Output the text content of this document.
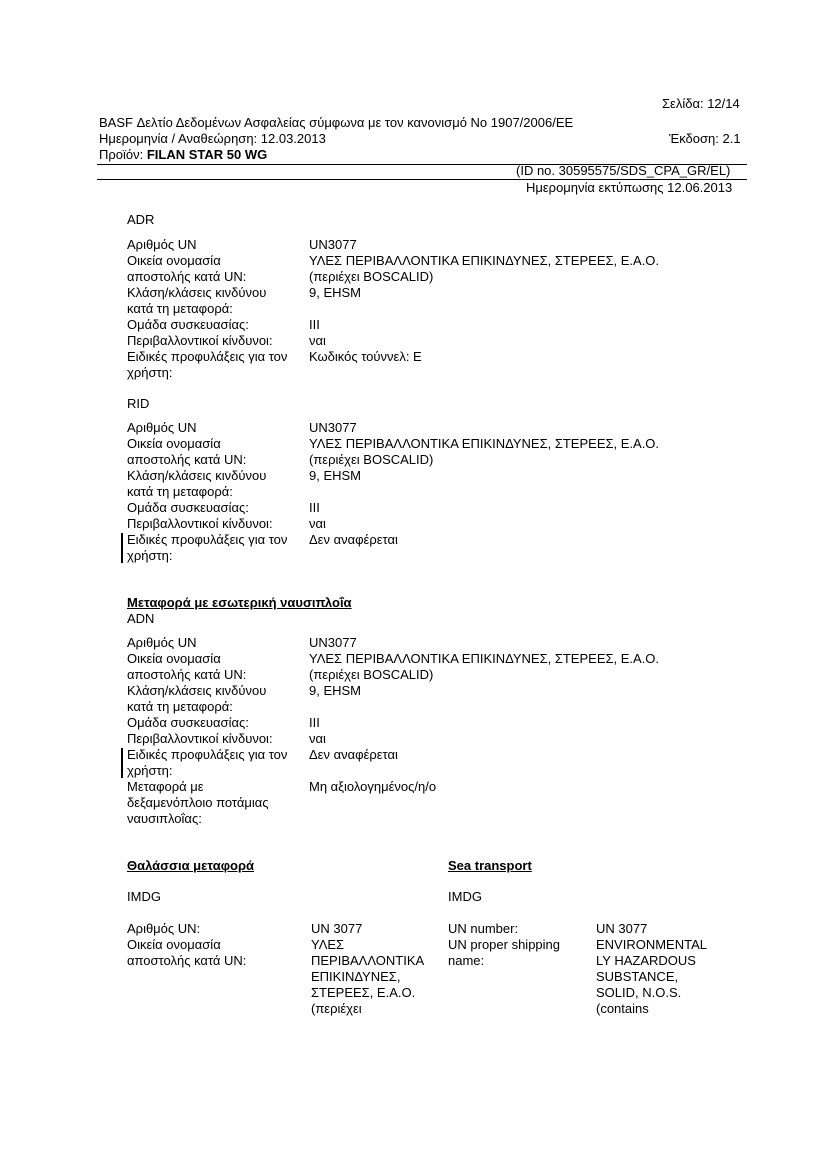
Σελίδα: 12/14
BASF Δελτίο Δεδομένων Ασφαλείας σύμφωνα με τον κανονισμό No 1907/2006/ΕΕ
Ημερομηνία / Αναθεώρηση: 12.03.2013	Έκδοση: 2.1
Προϊόν: FILAN STAR 50 WG
(ID no. 30595575/SDS_CPA_GR/EL)
Ημερομηνία εκτύπωσης 12.06.2013
ADR
Αριθμός UN	UN3077
Οικεία ονομασία αποστολής κατά UN:
ΥΛΕΣ ΠΕΡΙΒΑΛΛΟΝΤΙΚΑ ΕΠΙΚΙΝΔΥΝΕΣ, ΣΤΕΡΕΕΣ, Ε.Α.Ο.
(περιέχει BOSCALID)
Κλάση/κλάσεις κινδύνου κατά τη μεταφορά:
9, EHSM
Ομάδα συσκευασίας:	III
Περιβαλλοντικοί κίνδυνοι:	ναι
Ειδικές προφυλάξεις για τον χρήστη:
Κωδικός τούννελ: E
RID
Αριθμός UN	UN3077
Οικεία ονομασία αποστολής κατά UN:
ΥΛΕΣ ΠΕΡΙΒΑΛΛΟΝΤΙΚΑ ΕΠΙΚΙΝΔΥΝΕΣ, ΣΤΕΡΕΕΣ, Ε.Α.Ο.
(περιέχει BOSCALID)
Κλάση/κλάσεις κινδύνου κατά τη μεταφορά:
9, EHSM
Ομάδα συσκευασίας:	III
Περιβαλλοντικοί κίνδυνοι:	ναι
Ειδικές προφυλάξεις για τον χρήστη:
Δεν αναφέρεται
Μεταφορά με εσωτερική ναυσιπλοΐα
ADN
Αριθμός UN	UN3077
Οικεία ονομασία αποστολής κατά UN:
ΥΛΕΣ ΠΕΡΙΒΑΛΛΟΝΤΙΚΑ ΕΠΙΚΙΝΔΥΝΕΣ, ΣΤΕΡΕΕΣ, Ε.Α.Ο.
(περιέχει BOSCALID)
Κλάση/κλάσεις κινδύνου κατά τη μεταφορά:
9, EHSM
Ομάδα συσκευασίας:	III
Περιβαλλοντικοί κίνδυνοι:	ναι
Ειδικές προφυλάξεις για τον χρήστη:
Δεν αναφέρεται
Μεταφορά με δεξαμενόπλοιο ποτάμιας ναυσιπλοΐας:
Μη αξιολογημένος/η/ο
Θαλάσσια μεταφορά	Sea transport
IMDG	IMDG
Αριθμός UN:	UN 3077
Οικεία ονομασία αποστολής κατά UN:
ΥΛΕΣ ΠΕΡΙΒΑΛΛΟΝΤΙΚΑ ΕΠΙΚΙΝΔΥΝΕΣ, ΣΤΕΡΕΕΣ, Ε.Α.Ο. (περιέχει
UN number:	UN 3077
UN proper shipping name:
ENVIRONMENTAL LY HAZARDOUS SUBSTANCE, SOLID, N.O.S. (contains
